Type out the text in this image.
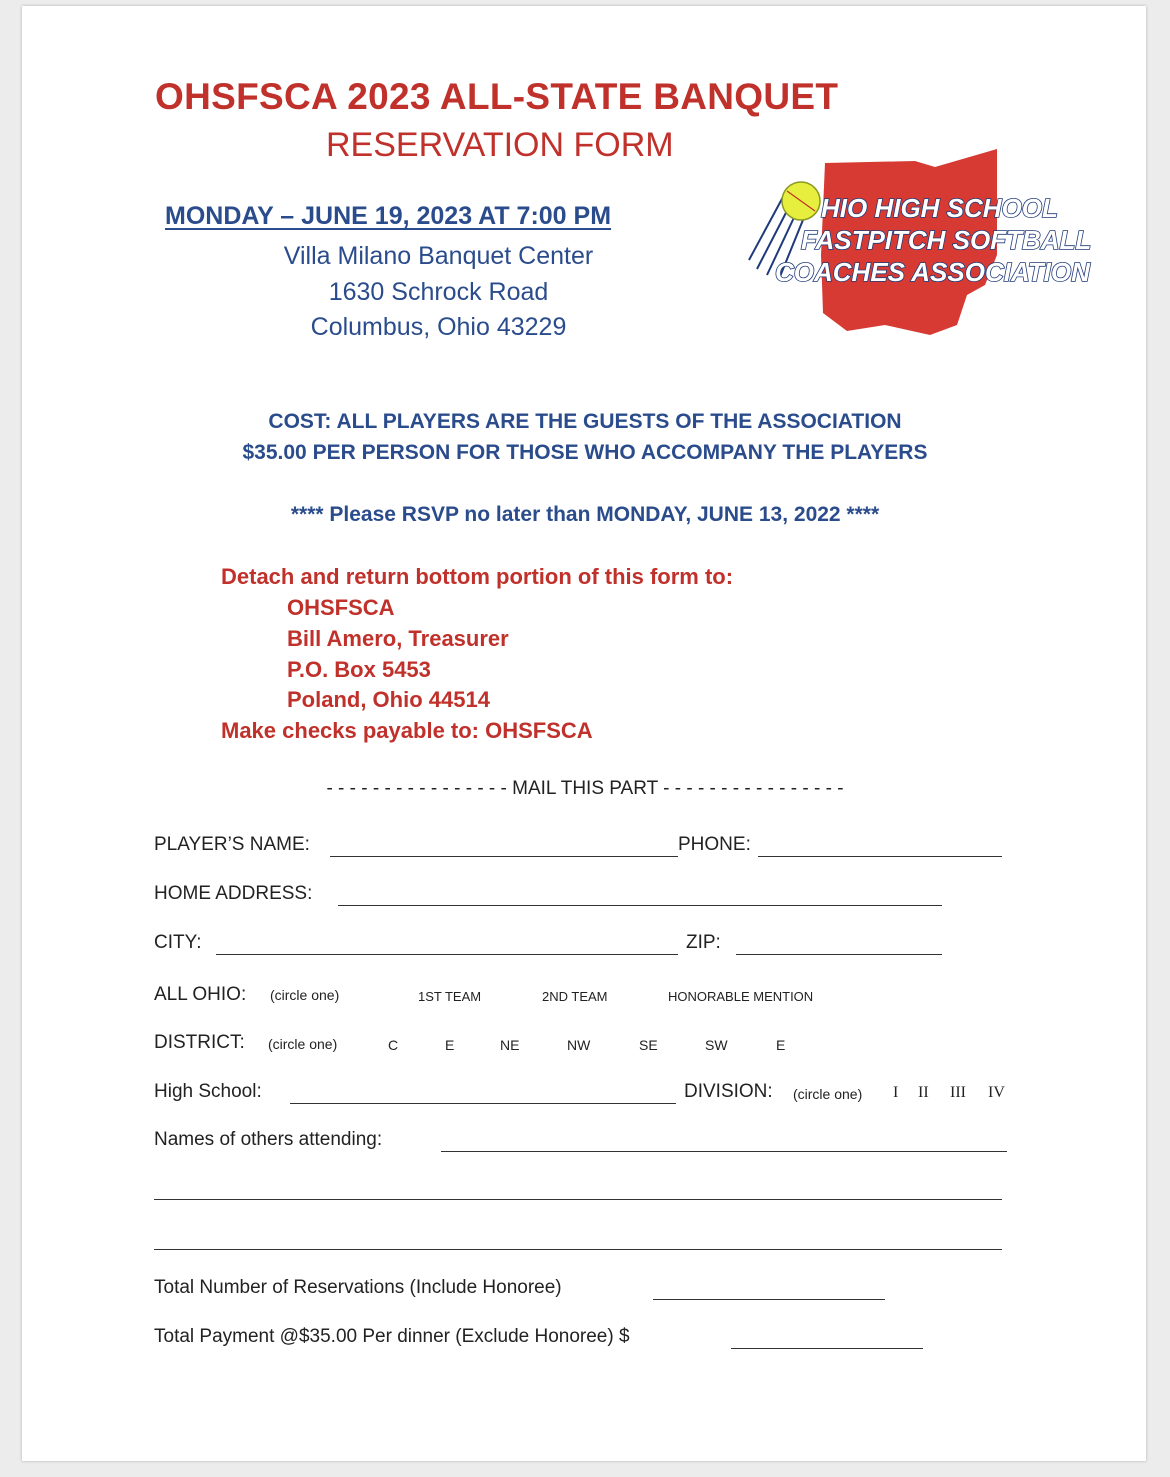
OHSFSCA 2023 ALL-STATE BANQUET
RESERVATION FORM
MONDAY – JUNE 19, 2023 AT 7:00 PM
Villa Milano Banquet Center
1630 Schrock Road
Columbus, Ohio 43229
HIO HIGH SCHOOL
FASTPITCH SOFTBALL
COACHES ASSOCIATION
COST: ALL PLAYERS ARE THE GUESTS OF THE ASSOCIATION
$35.00 PER PERSON FOR THOSE WHO ACCOMPANY THE PLAYERS
**** Please RSVP no later than MONDAY, JUNE 13, 2022 ****
Detach and return bottom portion of this form to:
OHSFSCA
Bill Amero, Treasurer
P.O. Box 5453
Poland, Ohio 44514
Make checks payable to: OHSFSCA
- - - - - - - - - - - - - - - - MAIL THIS PART - - - - - - - - - - - - - - - -
PLAYER’S NAME:	PHONE:
HOME ADDRESS:
CITY:	ZIP:
ALL OHIO: (circle one)	1ST TEAM	2ND TEAM	HONORABLE MENTION
DISTRICT: (circle one)	C	E	NE	NW	SE	SW	E
High School:	DIVISION: (circle one) I II III IV
Names of others attending:
Total Number of Reservations (Include Honoree)
Total Payment @$35.00 Per dinner (Exclude Honoree) $
